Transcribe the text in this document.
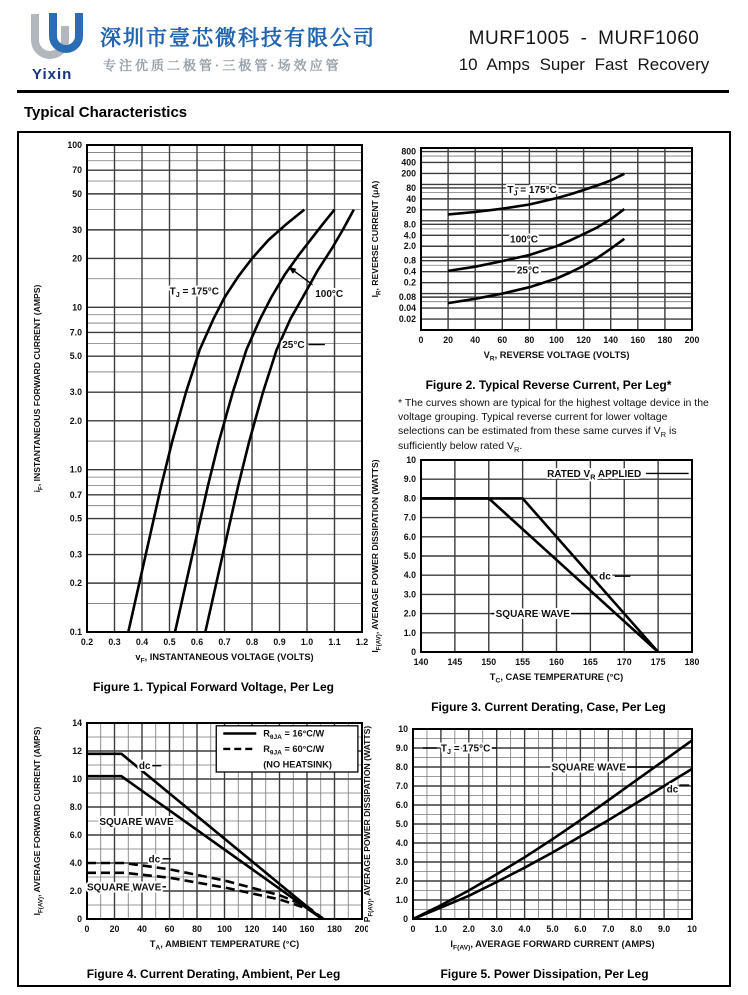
Yixin
深圳市壹芯微科技有限公司
专注优质二极管·三极管·场效应管
MURF1005 - MURF1060
10 Amps Super Fast Recovery
Typical Characteristics
100
70
50
30
20
10
7.0
5.0
3.0
2.0
1.0
0.7
0.5
0.3
0.2
0.1
0.2 0.3 0.4 0.5 0.6 0.7 0.8 0.9 1.0 1.1 1.2
$i_F$, INSTANTANEOUS FORWARD CURRENT (AMPS)
$v_F$, INSTANTANEOUS VOLTAGE (VOLTS)
$T_J = 175^\circ C$	100°C
25°C
Figure 1. Typical Forward Voltage, Per Leg
800
400
200
80
40
20
8.0
4.0
2.0
0.8
0.4
0.2
0.08
0.04
0.02
0 20 40 60 80 100 120 140 160 180 200
$I_R$, REVERSE CURRENT (μA)
$V_R$, REVERSE VOLTAGE (VOLTS)
$T_J = 175^\circ C$
100°C
25°C
Figure 2. Typical Reverse Current, Per Leg*
* The curves shown are typical for the highest voltage device in the voltage grouping. Typical reverse current for lower voltage selections can be estimated from these same curves if $V_R$ is sufficiently below rated $V_R$.
10
9.0
8.0
7.0
6.0
5.0
4.0
3.0
2.0
1.0
0
140 145 150 155 160 165 170 175 180
$I_{F(AV)}$, AVERAGE POWER DISSIPATION (WATTS)
$T_C$, CASE TEMPERATURE (°C)
RATED $V_R$ APPLIED
dc
SQUARE WAVE
Figure 3. Current Derating, Case, Per Leg
14
12
10
8.0
6.0
4.0
2.0
0
0 20 40 60 80 100 120 140 160 180 200
$I_{F(AV)}$, AVERAGE FORWARD CURRENT (AMPS)
$T_A$, AMBIENT TEMPERATURE (°C)
dc
SQUARE WAVE
dc
SQUARE WAVE
$R_{\theta JA} = 16^\circ C/W$
$R_{\theta JA} = 60^\circ C/W$
(NO HEATSINK)
Figure 4. Current Derating, Ambient, Per Leg
10
9.0
8.0
7.0
6.0
5.0
4.0
3.0
2.0
1.0
0
0 1.0 2.0 3.0 4.0 5.0 6.0 7.0 8.0 9.0 10
$P_{F(AV)}$, AVERAGE POWER DISSIPATION (WATTS)
$I_{F(AV)}$, AVERAGE FORWARD CURRENT (AMPS)
$T_J = 175^\circ C$
SQUARE WAVE
dc
Figure 5. Power Dissipation, Per Leg
